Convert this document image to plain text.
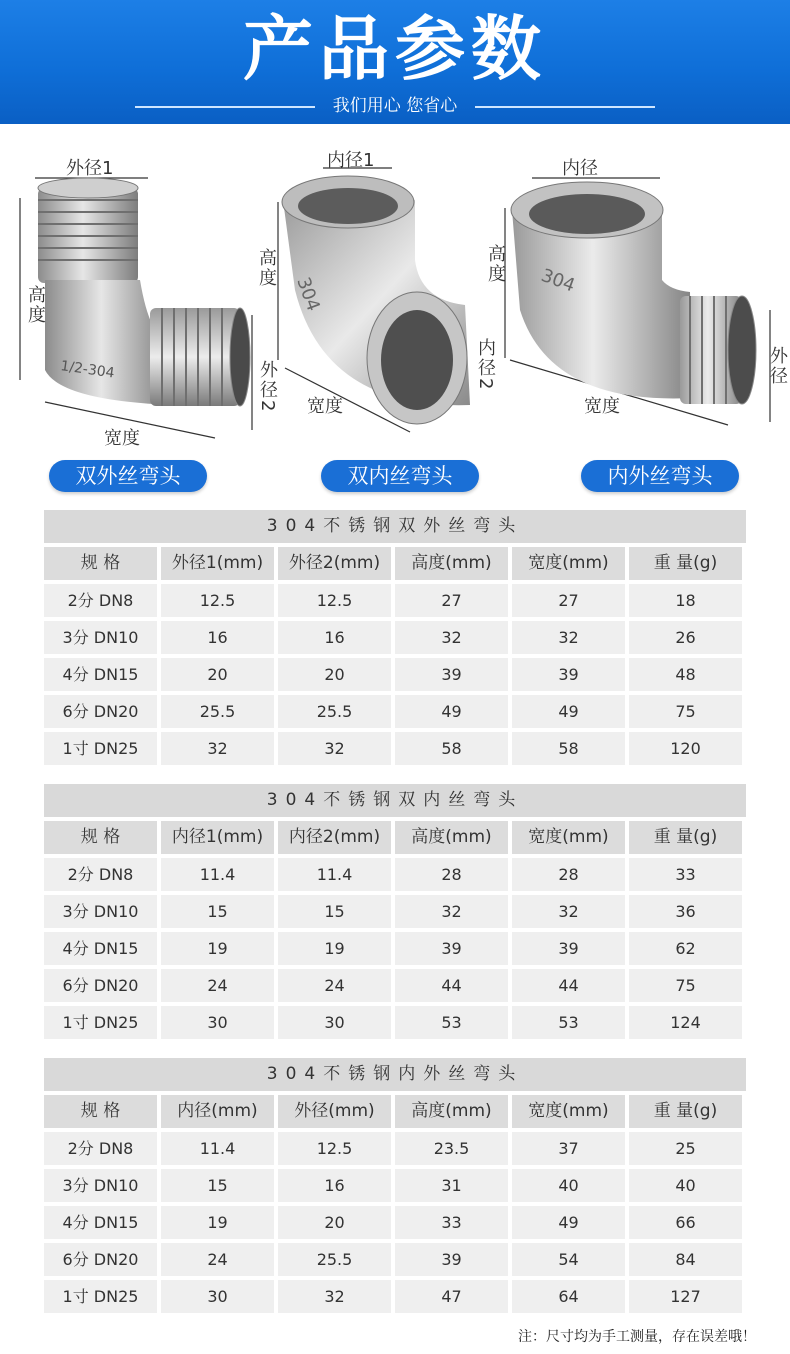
产品参数
我们用心 您省心
1/2-304
外径1
高度
宽度
外径2
304
内径1
高度
宽度
内径2
304
内径
高度
宽度
外径
双外丝弯头	双内丝弯头	内外丝弯头
304不锈钢双外丝弯头
规 格	外径1(mm)	外径2(mm)	高度(mm)	宽度(mm)	重 量(g)
2分 DN8	12.5	12.5	27	27	18
3分 DN10	16	16	32	32	26
4分 DN15	20	20	39	39	48
6分 DN20	25.5	25.5	49	49	75
1寸 DN25	32	32	58	58	120
304不锈钢双内丝弯头
规 格	内径1(mm)	内径2(mm)	高度(mm)	宽度(mm)	重 量(g)
2分 DN8	11.4	11.4	28	28	33
3分 DN10	15	15	32	32	36
4分 DN15	19	19	39	39	62
6分 DN20	24	24	44	44	75
1寸 DN25	30	30	53	53	124
304不锈钢内外丝弯头
规 格	内径(mm)	外径(mm)	高度(mm)	宽度(mm)	重 量(g)
2分 DN8	11.4	12.5	23.5	37	25
3分 DN10	15	16	31	40	40
4分 DN15	19	20	33	49	66
6分 DN20	24	25.5	39	54	84
1寸 DN25	30	32	47	64	127
注：尺寸均为手工测量，存在误差哦！
